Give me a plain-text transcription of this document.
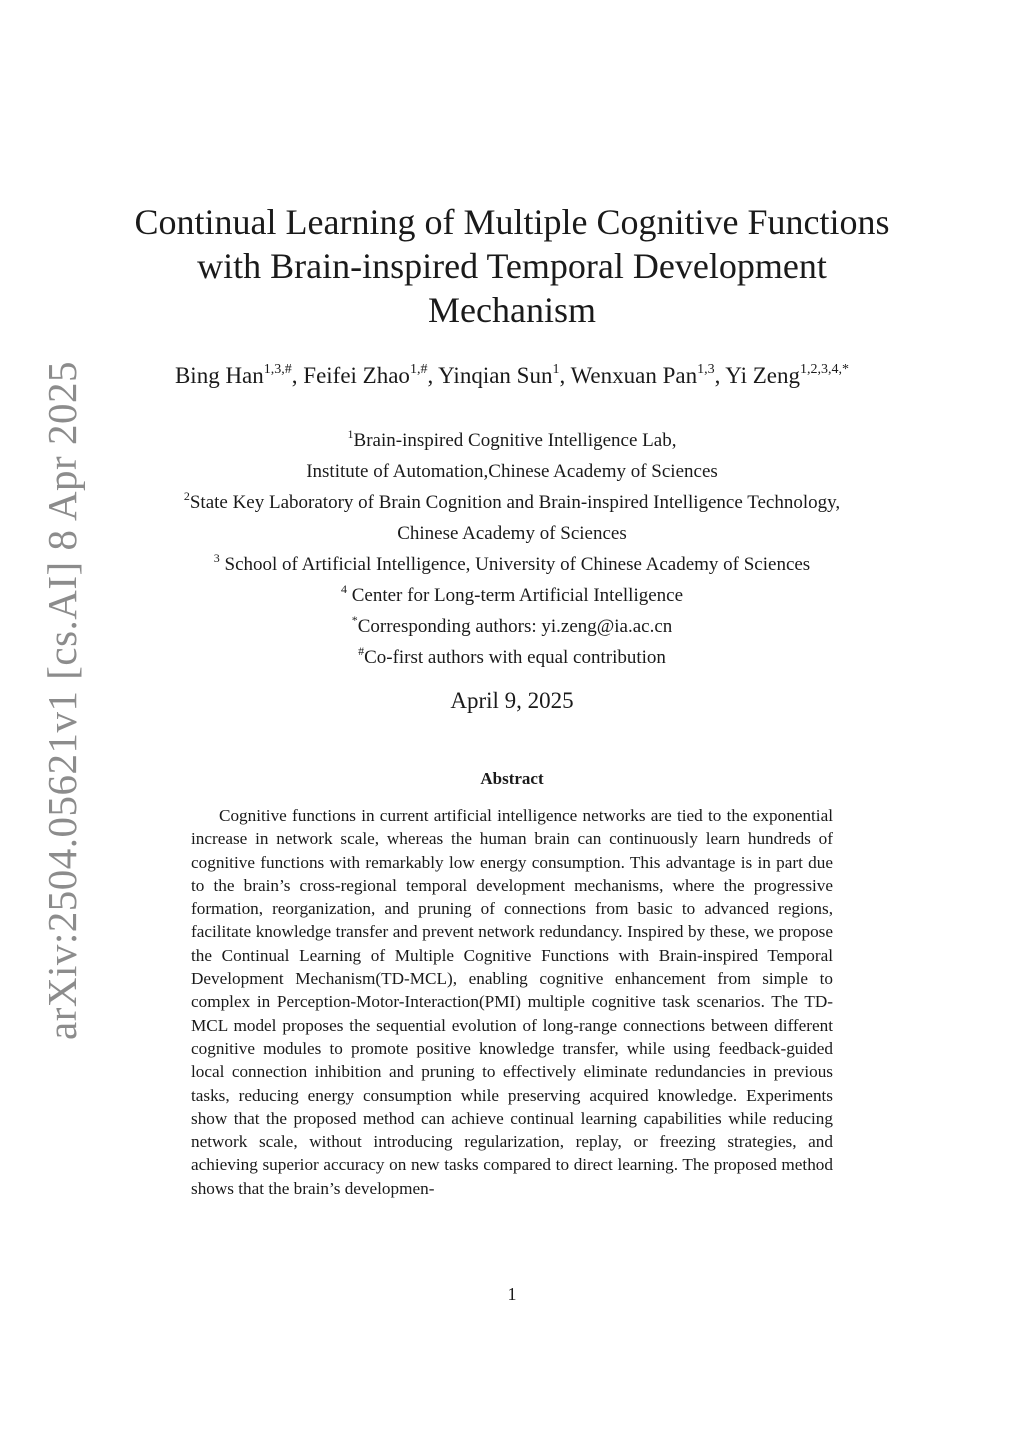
arXiv:2504.05621v1 [cs.AI] 8 Apr 2025
Continual Learning of Multiple Cognitive Functions with Brain-inspired Temporal Development Mechanism
Bing Han$^{1,3,\#}$, Feifei Zhao$^{1,\#}$, Yinqian Sun$^1$, Wenxuan Pan$^{1,3}$, Yi Zeng$^{1,2,3,4,*}$
$^1$Brain-inspired Cognitive Intelligence Lab,
Institute of Automation,Chinese Academy of Sciences
$^2$State Key Laboratory of Brain Cognition and Brain-inspired Intelligence Technology,
Chinese Academy of Sciences
$^3$ School of Artificial Intelligence, University of Chinese Academy of Sciences
$^4$ Center for Long-term Artificial Intelligence
*Corresponding authors: yi.zeng@ia.ac.cn
#Co-first authors with equal contribution
April 9, 2025
Abstract

Cognitive functions in current artificial intelligence networks are tied to the exponential increase in network scale, whereas the human brain can continuously learn hundreds of cognitive functions with remarkably low energy consumption. This advantage is in part due to the brain’s cross-regional temporal development mechanisms, where the progressive formation, reorganization, and pruning of connections from basic to advanced regions, facilitate knowledge transfer and prevent network redundancy. Inspired by these, we propose the Continual Learning of Multiple Cognitive Functions with Brain-inspired Temporal Development Mechanism(TD-MCL), enabling cognitive enhancement from simple to complex in Perception-Motor-Interaction(PMI) multiple cognitive task scenarios. The TD-MCL model proposes the sequential evolution of long-range connections between different cognitive modules to promote positive knowledge transfer, while using feedback-guided local connection inhibition and pruning to effectively eliminate redundancies in previous tasks, reducing energy consumption while preserving acquired knowledge. Experiments show that the proposed method can achieve continual learning capabilities while reducing network scale, without introducing regularization, replay, or freezing strategies, and achieving superior accuracy on new tasks compared to direct learning. The proposed method shows that the brain’s developmen-

1
